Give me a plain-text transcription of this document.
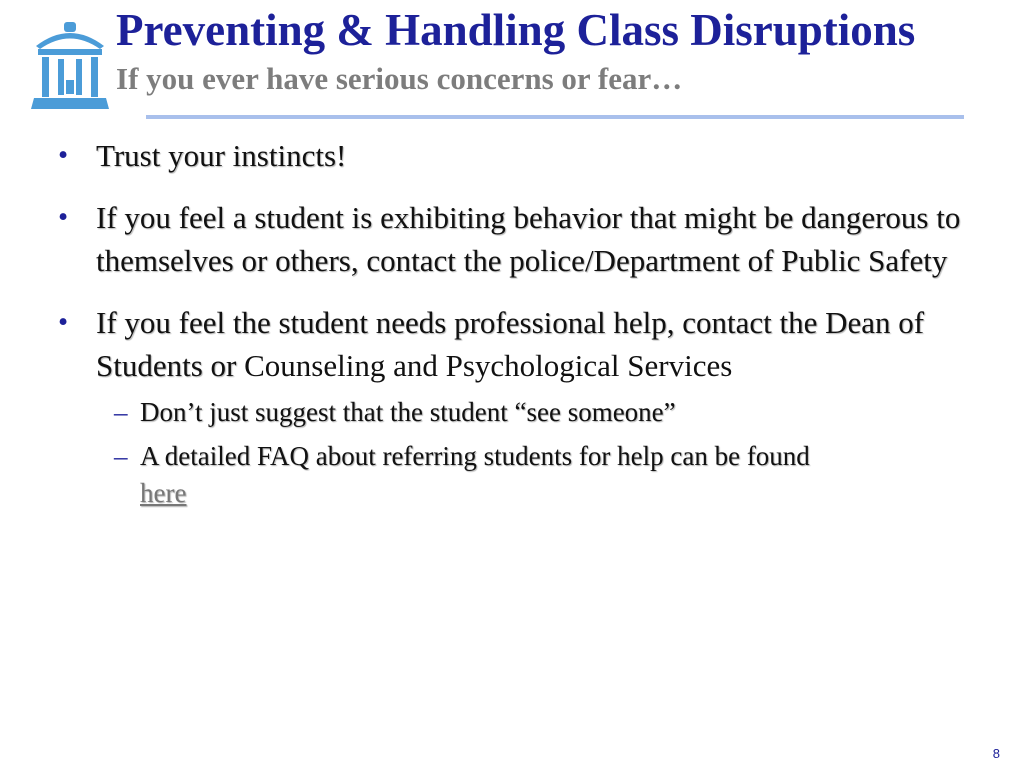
Preventing & Handling Class Disruptions
If you ever have serious concerns or fear…
• Trust your instincts!
• If you feel a student is exhibiting behavior that might be dangerous to themselves or others, contact the police/Department of Public Safety
• If you feel the student needs professional help, contact the Dean of Students or Counseling and Psychological Services
– Don’t just suggest that the student “see someone”
– A detailed FAQ about referring students for help can be found
here
8
